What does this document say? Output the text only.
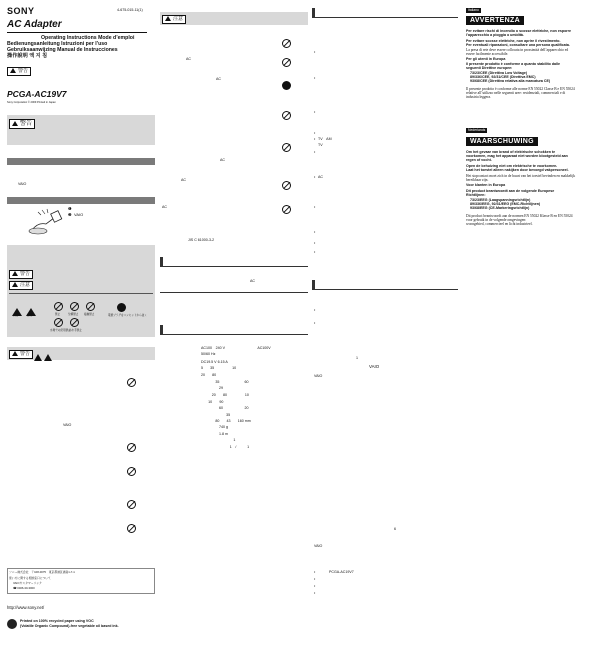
SONY	4-675-015-11(1)
AC Adapter
Operating Instructions Mode d’emploi
Bedienungsanleitung Istruzioni per l’uso
Gebruiksaanwijzing Manual de Instrucciones
操作說明 액 지 침
警告
PCGA-AC19V7
Sony Corporation © 2009 Printed in Japan
警告
VAIO
❶
❷ VAIO
警告
注意
火災	感電	禁止	分解禁止 接触禁止
水場での使用禁止
ぬれ手禁止
電源プラグをコンセントから抜く
警告
VAIO
ソニー株式会社　〒108-0075　東京都港区港南1-7-1
使い方に関する相談窓口について
VAIOカスタマーリンク
☎ 0466-30-3000
http://www.sony.net/
Printed on 100% recycled paper using VOC
(Volatile Organic Compound)-free vegetable oil based ink.
注意
AC
AC
AC
AC
AC
JIS C 61000-3-2
AC
AC100　240 V　　　　　　　　　AC100V
50/60 Hz
DC19.5 V 6.15 A
5　　35　　　　　10
20　　80
　　　　35　　　　　　　60
　　　　　29
　　　20　　80　　　　　10
　　10　　90
　　　　　60　　　　　　20
　　　　　　　35
　　　　80　　43　　160 mm
　　　　　740 g
　　　　　1.8 m
　　　　　　　　　1
　　　　　　　　1　/　　　1
•
•
•
•
• TV　AM
TV
•
• AC
•
•
•
•
•
•
1
VAIO
VAIO
6
VAIO
•	PCGA-AC19V7
•
•
•
Italiano
AVVERTENZA
Per evitare rischi di incendio o scosse elettriche, non esporre
l’apparecchio a pioggia o umidità.
Per evitare scosse elettriche, non aprire il rivestimento.
Per eventuali riparazioni, consultare una persona qualificata.
La presa di rete deve essere collocata in prossimità dell’apparecchio ed
essere facilmente accessibile.
Per gli utenti in Europa
Il presente prodotto è conforme a quanto stabilito dalle
seguenti Direttive europee:
73/23/CEE (Direttiva Low Voltage)
89/336/CEE, 92/31/CEE (Direttiva EMC)
93/68/CEE (Direttiva relativa alla marcatura CE)
Il presente prodotto è conforme alle norme EN 55022 Classe B e EN 55024
relative all’utilizzo nelle seguenti aree: residenziali, commerciali e di
industria leggera.
Nederlands
WAARSCHUWING
Om het gevaar van brand of elektrische schokken te
voorkomen, mag het apparaat niet worden blootgesteld aan
regen of vocht.
Open de behuizing niet om elektrische te voorkomen.
Laat het toestel alleen nakijken door bevoegd vakpersoneel.
Het stopcontact moet zich in de buurt van het toestel bevinden en makkelijk
bereikbaar zijn.
Voor klanten in Europa
Dit product beantwoordt aan de volgende Europese
Richtlijnen:
73/23/EEG (Laagspanningsrichtlijn)
89/336/EEG, 92/31/EEG (EMC-Richtlijnen)
93/68/EEG (CE-Markeringsrichtlijn)
Dit product beantwoordt aan de normen EN 55022 Klasse B en EN 55024
voor gebruik in de volgende omgevingen:
woongebied, commercieel en licht industrieel.
